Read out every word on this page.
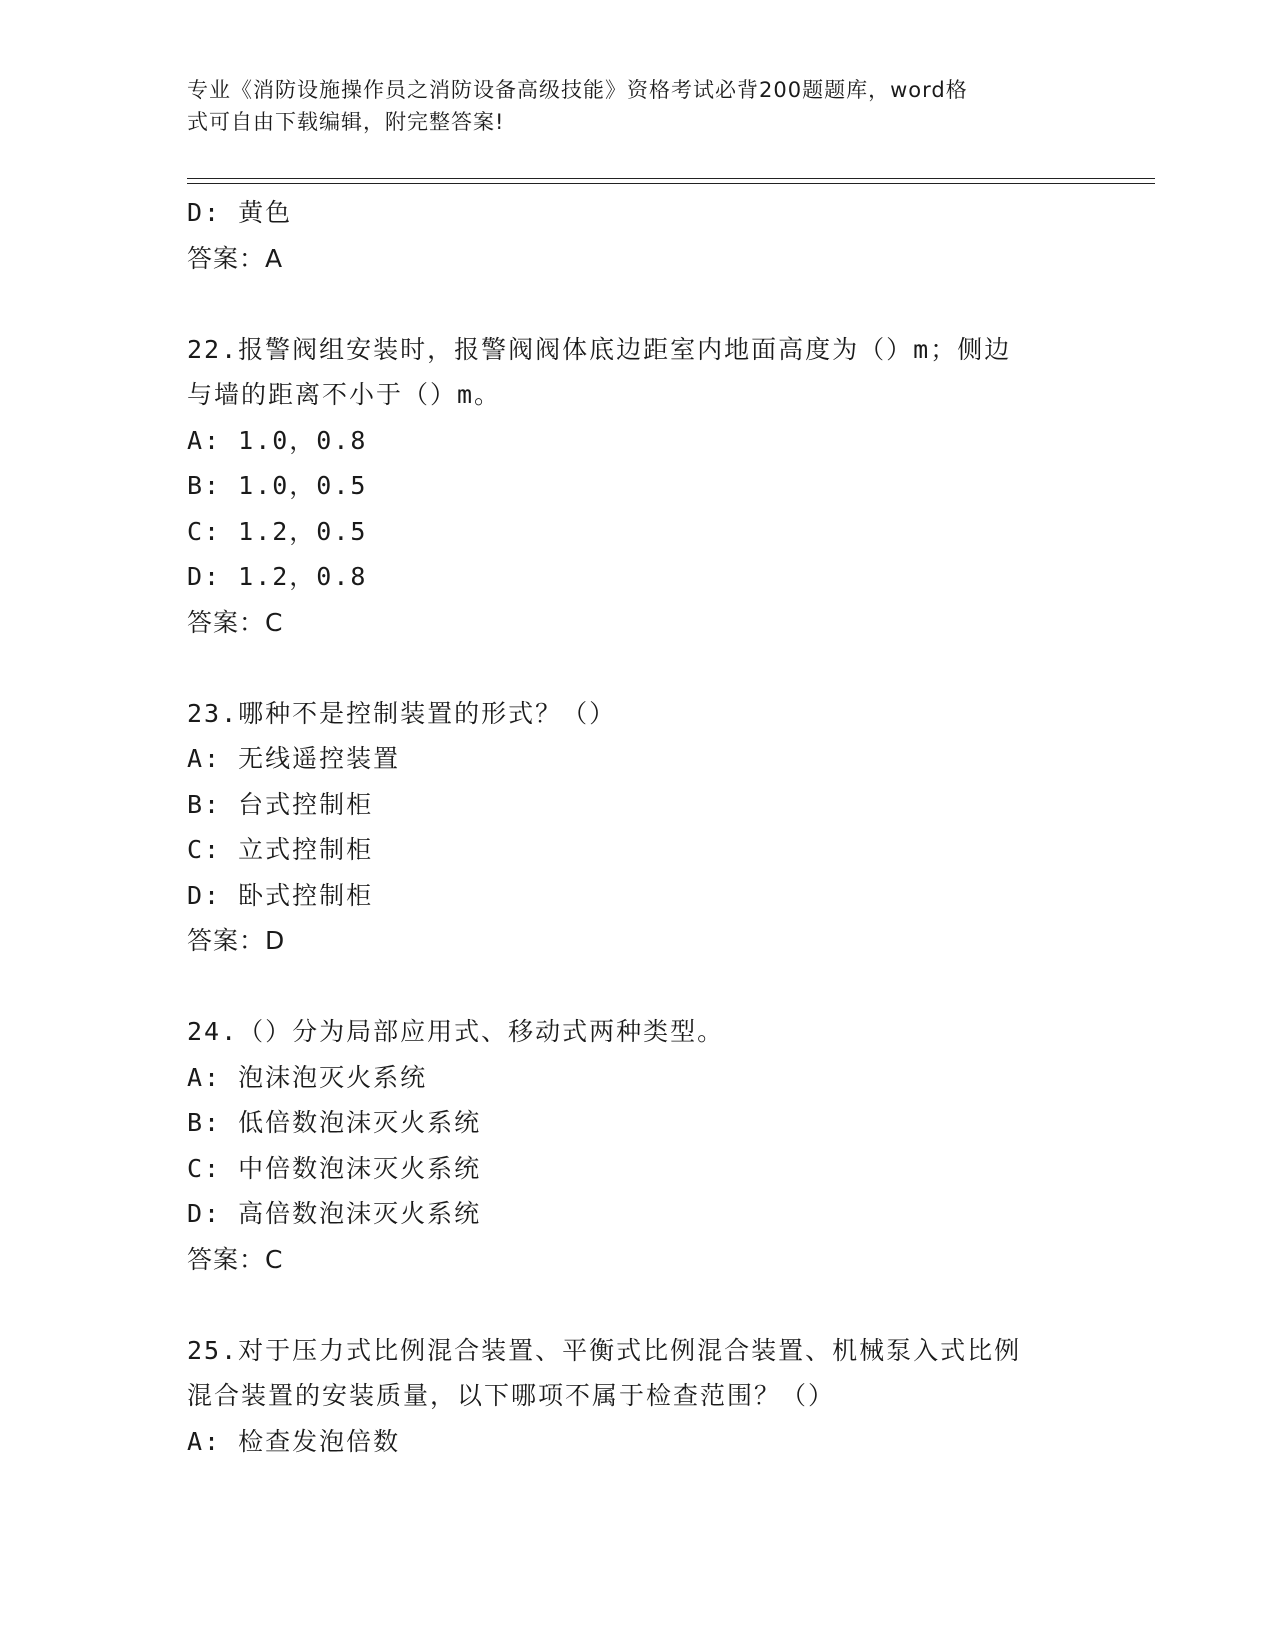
专业《消防设施操作员之消防设备高级技能》资格考试必背200题题库，word格
式可自由下载编辑，附完整答案!
D: 黄色
答案：A
22.报警阀组安装时，报警阀阀体底边距室内地面高度为（）m；侧边
与墙的距离不小于（）m。
A: 1.0，0.8
B: 1.0，0.5
C: 1.2，0.5
D: 1.2，0.8
答案：C
23.哪种不是控制装置的形式？（）
A: 无线遥控装置
B: 台式控制柜
C: 立式控制柜
D: 卧式控制柜
答案：D
24.（）分为局部应用式、移动式两种类型。
A: 泡沫泡灭火系统
B: 低倍数泡沫灭火系统
C: 中倍数泡沫灭火系统
D: 高倍数泡沫灭火系统
答案：C
25.对于压力式比例混合装置、平衡式比例混合装置、机械泵入式比例
混合装置的安装质量，以下哪项不属于检查范围？（）
A: 检查发泡倍数
